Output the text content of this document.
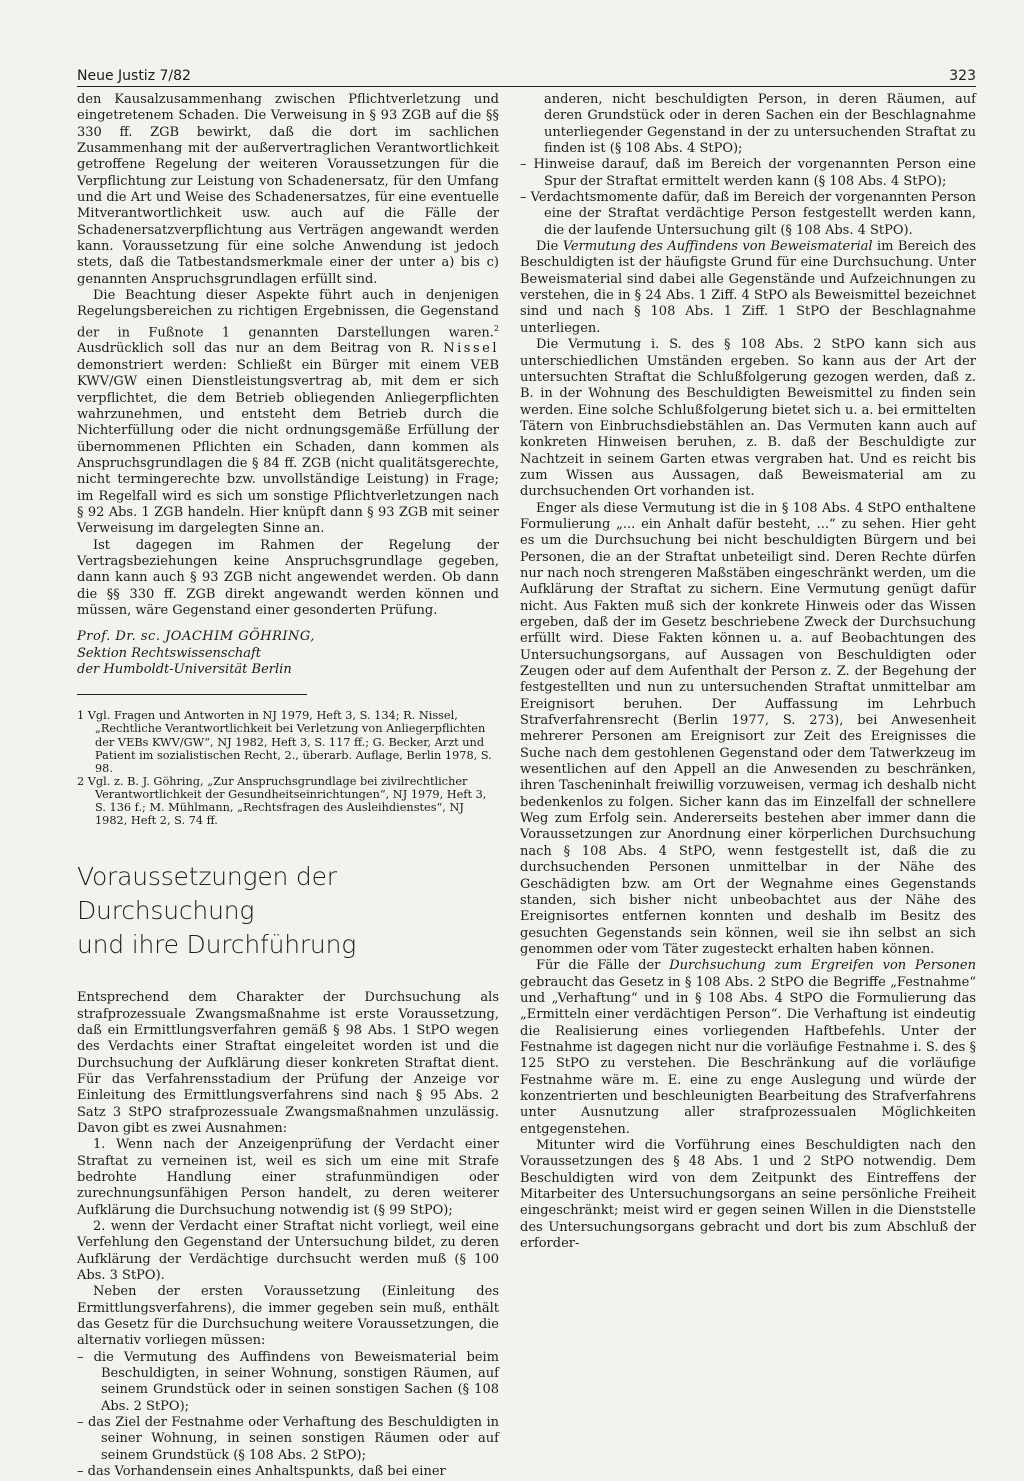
Neue Justiz 7/82	323

den Kausalzusammenhang zwischen Pflichtverletzung und eingetretenem Schaden. Die Verweisung in § 93 ZGB auf die §§ 330 ff. ZGB bewirkt, daß die dort im sachlichen Zusammenhang mit der außervertraglichen Verantwortlichkeit getroffene Regelung der weiteren Voraussetzungen für die Verpflichtung zur Leistung von Schadenersatz, für den Umfang und die Art und Weise des Schadenersatzes, für eine eventuelle Mitverantwortlichkeit usw. auch auf die Fälle der Schadenersatzverpflichtung aus Verträgen angewandt werden kann. Voraussetzung für eine solche Anwendung ist jedoch stets, daß die Tatbestandsmerkmale einer der unter a) bis c) genannten Anspruchsgrundlagen erfüllt sind.

Die Beachtung dieser Aspekte führt auch in denjenigen Regelungsbereichen zu richtigen Ergebnissen, die Gegenstand der in Fußnote 1 genannten Darstellungen waren.$^2$ Ausdrücklich soll das nur an dem Beitrag von R. Nissel demonstriert werden: Schließt ein Bürger mit einem VEB KWV/GW einen Dienstleistungsvertrag ab, mit dem er sich verpflichtet, die dem Betrieb obliegenden Anliegerpflichten wahrzunehmen, und entsteht dem Betrieb durch die Nichterfüllung oder die nicht ordnungsgemäße Erfüllung der übernommenen Pflichten ein Schaden, dann kommen als Anspruchsgrundlagen die § 84 ff. ZGB (nicht qualitätsgerechte, nicht termingerechte bzw. unvollständige Leistung) in Frage; im Regelfall wird es sich um sonstige Pflichtverletzungen nach § 92 Abs. 1 ZGB handeln. Hier knüpft dann § 93 ZGB mit seiner Verweisung im dargelegten Sinne an.

Ist dagegen im Rahmen der Regelung der Vertragsbeziehungen keine Anspruchsgrundlage gegeben, dann kann auch § 93 ZGB nicht angewendet werden. Ob dann die §§ 330 ff. ZGB direkt angewandt werden können und müssen, wäre Gegenstand einer gesonderten Prüfung.

Prof. Dr. sc. JOACHIM GÖHRING,
Sektion Rechtswissenschaft
der Humboldt-Universität Berlin

1 Vgl. Fragen und Antworten in NJ 1979, Heft 3, S. 134; R. Nissel, „Rechtliche Verantwortlichkeit bei Verletzung von Anliegerpflichten der VEBs KWV/GW“, NJ 1982, Heft 3, S. 117 ff.; G. Becker, Arzt und Patient im sozialistischen Recht, 2., überarb. Auflage, Berlin 1978, S. 98.

2 Vgl. z. B. J. Göhring, „Zur Anspruchsgrundlage bei zivilrechtlicher Verantwortlichkeit der Gesundheitseinrichtungen“, NJ 1979, Heft 3, S. 136 f.; M. Mühlmann, „Rechtsfragen des Ausleihdienstes“, NJ 1982, Heft 2, S. 74 ff.

Voraussetzungen der Durchsuchung
und ihre Durchführung

Entsprechend dem Charakter der Durchsuchung als strafprozessuale Zwangsmaßnahme ist erste Voraussetzung, daß ein Ermittlungsverfahren gemäß § 98 Abs. 1 StPO wegen des Verdachts einer Straftat eingeleitet worden ist und die Durchsuchung der Aufklärung dieser konkreten Straftat dient. Für das Verfahrensstadium der Prüfung der Anzeige vor Einleitung des Ermittlungsverfahrens sind nach § 95 Abs. 2 Satz 3 StPO strafprozessuale Zwangsmaßnahmen unzulässig. Davon gibt es zwei Ausnahmen:

1. Wenn nach der Anzeigenprüfung der Verdacht einer Straftat zu verneinen ist, weil es sich um eine mit Strafe bedrohte Handlung einer strafunmündigen oder zurechnungsunfähigen Person handelt, zu deren weiterer Aufklärung die Durchsuchung notwendig ist (§ 99 StPO);

2. wenn der Verdacht einer Straftat nicht vorliegt, weil eine Verfehlung den Gegenstand der Untersuchung bildet, zu deren Aufklärung der Verdächtige durchsucht werden muß (§ 100 Abs. 3 StPO).

Neben der ersten Voraussetzung (Einleitung des Ermittlungsverfahrens), die immer gegeben sein muß, enthält das Gesetz für die Durchsuchung weitere Voraussetzungen, die alternativ vorliegen müssen:

– die Vermutung des Auffindens von Beweismaterial beim Beschuldigten, in seiner Wohnung, sonstigen Räumen, auf seinem Grundstück oder in seinen sonstigen Sachen (§ 108 Abs. 2 StPO);

– das Ziel der Festnahme oder Verhaftung des Beschuldigten in seiner Wohnung, in seinen sonstigen Räumen oder auf seinem Grundstück (§ 108 Abs. 2 StPO);

– das Vorhandensein eines Anhaltspunkts, daß bei einer

anderen, nicht beschuldigten Person, in deren Räumen, auf deren Grundstück oder in deren Sachen ein der Beschlagnahme unterliegender Gegenstand in der zu untersuchenden Straftat zu finden ist (§ 108 Abs. 4 StPO);

– Hinweise darauf, daß im Bereich der vorgenannten Person eine Spur der Straftat ermittelt werden kann (§ 108 Abs. 4 StPO);

– Verdachtsmomente dafür, daß im Bereich der vorgenannten Person eine der Straftat verdächtige Person festgestellt werden kann, die der laufende Untersuchung gilt (§ 108 Abs. 4 StPO).

Die Vermutung des Auffindens von Beweismaterial im Bereich des Beschuldigten ist der häufigste Grund für eine Durchsuchung. Unter Beweismaterial sind dabei alle Gegenstände und Aufzeichnungen zu verstehen, die in § 24 Abs. 1 Ziff. 4 StPO als Beweismittel bezeichnet sind und nach § 108 Abs. 1 Ziff. 1 StPO der Beschlagnahme unterliegen.

Die Vermutung i. S. des § 108 Abs. 2 StPO kann sich aus unterschiedlichen Umständen ergeben. So kann aus der Art der untersuchten Straftat die Schlußfolgerung gezogen werden, daß z. B. in der Wohnung des Beschuldigten Beweismittel zu finden sein werden. Eine solche Schlußfolgerung bietet sich u. a. bei ermittelten Tätern von Einbruchsdiebstählen an. Das Vermuten kann auch auf konkreten Hinweisen beruhen, z. B. daß der Beschuldigte zur Nachtzeit in seinem Garten etwas vergraben hat. Und es reicht bis zum Wissen aus Aussagen, daß Beweismaterial am zu durchsuchenden Ort vorhanden ist.

Enger als diese Vermutung ist die in § 108 Abs. 4 StPO enthaltene Formulierung „... ein Anhalt dafür besteht, ...“ zu sehen. Hier geht es um die Durchsuchung bei nicht beschuldigten Bürgern und bei Personen, die an der Straftat unbeteiligt sind. Deren Rechte dürfen nur nach noch strengeren Maßstäben eingeschränkt werden, um die Aufklärung der Straftat zu sichern. Eine Vermutung genügt dafür nicht. Aus Fakten muß sich der konkrete Hinweis oder das Wissen ergeben, daß der im Gesetz beschriebene Zweck der Durchsuchung erfüllt wird. Diese Fakten können u. a. auf Beobachtungen des Untersuchungsorgans, auf Aussagen von Beschuldigten oder Zeugen oder auf dem Aufenthalt der Person z. Z. der Begehung der festgestellten und nun zu untersuchenden Straftat unmittelbar am Ereignisort beruhen. Der Auffassung im Lehrbuch Strafverfahrensrecht (Berlin 1977, S. 273), bei Anwesenheit mehrerer Personen am Ereignisort zur Zeit des Ereignisses die Suche nach dem gestohlenen Gegenstand oder dem Tatwerkzeug im wesentlichen auf den Appell an die Anwesenden zu beschränken, ihren Tascheninhalt freiwillig vorzuweisen, vermag ich deshalb nicht bedenkenlos zu folgen. Sicher kann das im Einzelfall der schnellere Weg zum Erfolg sein. Andererseits bestehen aber immer dann die Voraussetzungen zur Anordnung einer körperlichen Durchsuchung nach § 108 Abs. 4 StPO, wenn festgestellt ist, daß die zu durchsuchenden Personen unmittelbar in der Nähe des Geschädigten bzw. am Ort der Wegnahme eines Gegenstands standen, sich bisher nicht unbeobachtet aus der Nähe des Ereignisortes entfernen konnten und deshalb im Besitz des gesuchten Gegenstands sein können, weil sie ihn selbst an sich genommen oder vom Täter zugesteckt erhalten haben können.

Für die Fälle der Durchsuchung zum Ergreifen von Personen gebraucht das Gesetz in § 108 Abs. 2 StPO die Begriffe „Festnahme“ und „Verhaftung“ und in § 108 Abs. 4 StPO die Formulierung das „Ermitteln einer verdächtigen Person“. Die Verhaftung ist eindeutig die Realisierung eines vorliegenden Haftbefehls. Unter der Festnahme ist dagegen nicht nur die vorläufige Festnahme i. S. des § 125 StPO zu verstehen. Die Beschränkung auf die vorläufige Festnahme wäre m. E. eine zu enge Auslegung und würde der konzentrierten und beschleunigten Bearbeitung des Strafverfahrens unter Ausnutzung aller strafprozessualen Möglichkeiten entgegenstehen.

Mitunter wird die Vorführung eines Beschuldigten nach den Voraussetzungen des § 48 Abs. 1 und 2 StPO notwendig. Dem Beschuldigten wird von dem Zeitpunkt des Eintreffens der Mitarbeiter des Untersuchungsorgans an seine persönliche Freiheit eingeschränkt; meist wird er gegen seinen Willen in die Dienststelle des Untersuchungsorgans gebracht und dort bis zum Abschluß der erforder-
